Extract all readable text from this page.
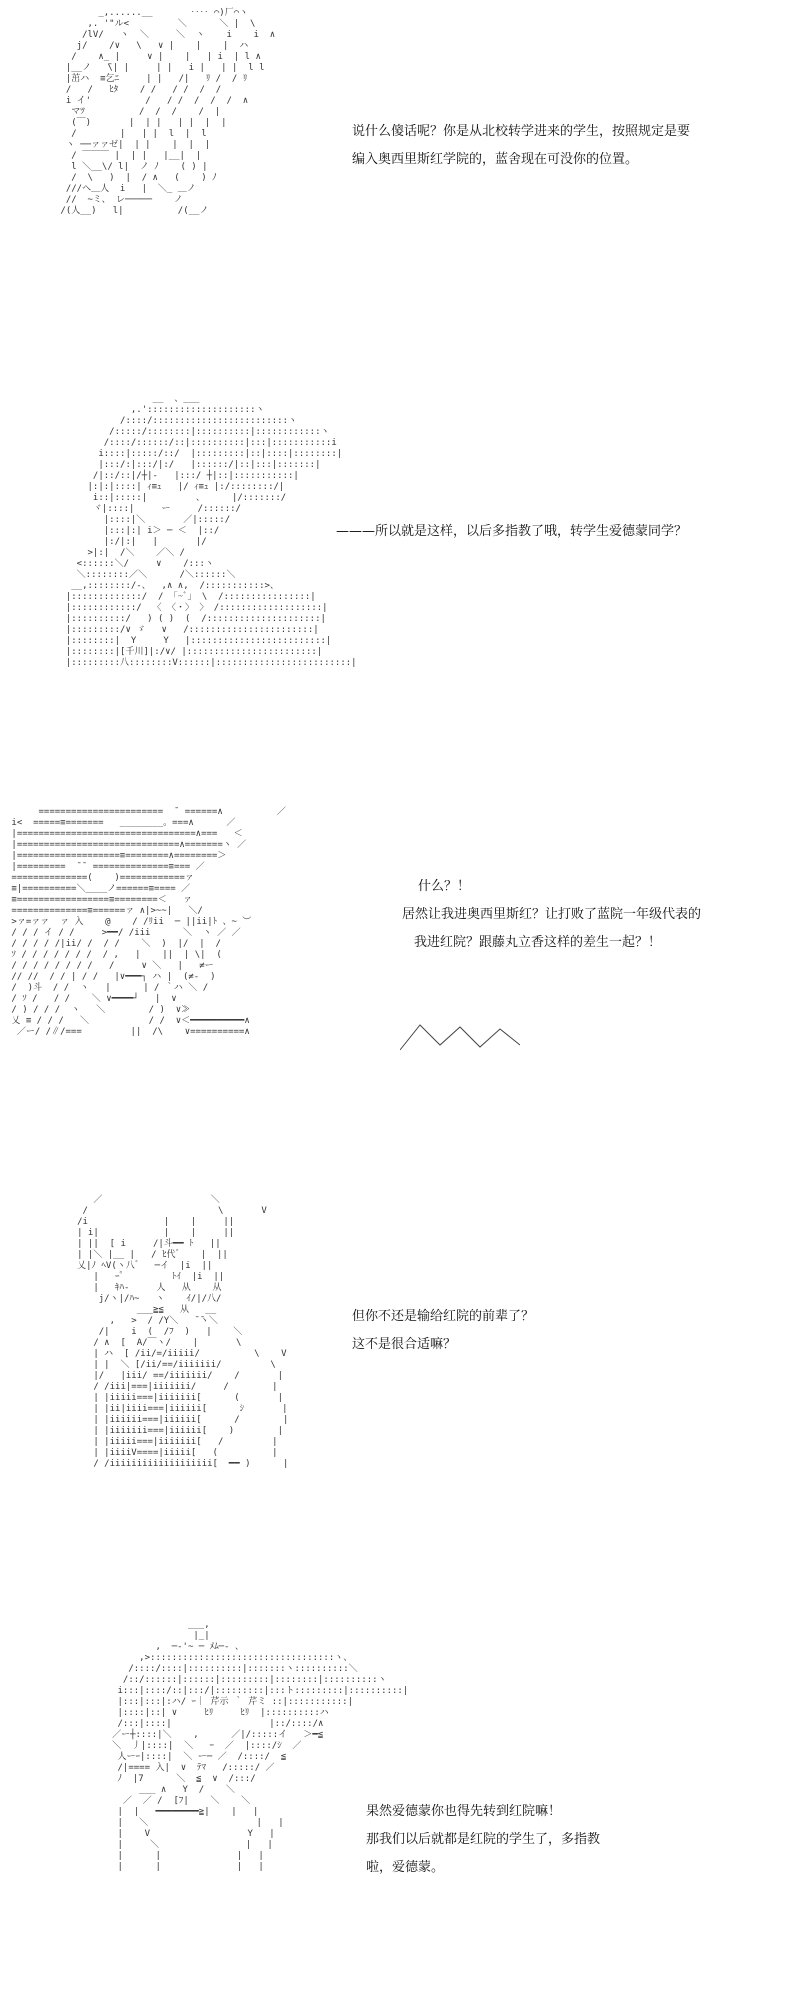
_,......__       ‥‥ ⌒)厂⌒ヽ
,. '"ル<         ＼      ＼ |  \
/lV/   ヽ  ＼     ＼  ヽ    i    i  ∧
j/    /∨   \   ∨ |    |    |  ハ
/    ∧_ |     ∨ |    |   | i  | l ∧
|__ノ   ̄\| |     | |   i |   | |  l l
|茁ハ  ≡乞ﾆ     | |   /|   ﾘ /  / ﾘ
/   /   ﾋﾀ    / /   / /  /  /
i イ'          /   / /  /  /  /  ∧
マﾂ          /  /  /    /  |
(￣)       |  | |   | |  |  |
/        |   | |  l  |  l
ヽ ──ァァゼ|  | |    |  |  |
/ ￣￣￣ |  | |   |__|  |
l ＼__\/ l|  ノ ﾉ    ( ) |
/  \   )  |  / ∧   (    ) ﾉ
///へ＿人  i   |  ＼_ ＿ノ
//  ~ミ、 レ─────    ノ
/(人__)   l|          /(__ノ
说什么傻话呢？你是从北校转学进来的学生，按照规定是要
编入奥西里斯红学院的，蓝舍现在可没你的位置。
__  、___
,.'::::::::::::::::::::ヽ
/::::/:::::::::::::::::::::::::ヽ
/:::::/::::::::|::::::::::|::::::::::::ヽ
/::::/::::::/::|::::::::::|:::|:::::::::::i
i::::|:::::/::/  |:::::::::|::|::::|::::::::|
|:::/:|:::/|:/   |::::::/|::|:::|:::::::|
/|::/::|/┼|‐   |:::/ ┼|::|:::::::::::|
|:|:|::::| ｨ≡ｭ   |/ ｨ≡ｭ |:/::::::::/|
i::|:::::|         、     |/:::::::/
ヾ|::::|     ー     /::::::/
|::::|＼       ／|:::::/
|:::|:| i＞ ─ ＜  |::/
|:/|:|   |       |/
>|:|  /＼    ／＼ /
<::::::＼/     ∨    /:::ヽ
＼::::::::／＼      /＼::::::＼
__,::::::::/-、  ,∧ ∧,  /:::::::::::>、
|:::::::::::::/  / 「~ﾞ」 \  /::::::::::::::::|
|::::::::::::/  〈 〈・〉 〉 /:::::::::::::::::::|
|::::::::::/   ) ( )  (  /:::::::::::::::::::::|
|:::::::::/∨ ゞ   ∨   /:::::::::::::::::::::::|
|::::::::|  Y     Y   |:::::::::::::::::::::::::|
|::::::::|[千川]|:/∨/ |::::::::::::::::::::::::|
|:::::::::八::::::::V::::::|:::::::::::::::::::::::::|
———所以就是这样，以后多指教了哦，转学生爱德蒙同学？
=======================  ̄  ======∧          ／
i<  =====≡=======   ________。===∧      ／
|=================================∧===   ＜
|==============================∧=======ヽ ／
|===================≡========∧========＞
|=========  ̄ ̄  ==============≡=== ／
==============(    )============ァ
≡|==========＼____ノ======≡==== ／
≡=================≡========＜   ァ
==============≡======ァ ∧|>~~|   ＼/
>ァ=ァァ  ァ 入    @    / /ﾘii  ─ ||ii|ﾄ 、~ ︶
/ / / イ / /     >━━/ /iii      ＼  ヽ ／ ／
/ / / / /|ii/ /  / /    ＼  )  |/  |  /
ｿ / / / / / / /  / ,   |    ||  | \|  (
/ / / / / / / /   /     ∨ ＼   |   ≠ー
// //  / / | / /   |∨━━━┐ ハ |  (≠-  )
/  )斗  / /  ヽ   |      | / ｀ハ ＼ /
/ ｿ /   / /    ＼ ∨━━━━┘   |  ∨
/ ) / / /  ヽ   ＼        / )  ∨≫
乂 ≡ / / /   ＼           / /  ∨＜━━━━━━━━━━∧
／ー/ /∥/===         ||  /\    ∨==========∧
什么？！
居然让我进奥西里斯红？让打败了蓝院一年级代表的
我进红院？跟藤丸立香这样的差生一起？！
／                    ＼
/                        \       V
/i              |    |     ||
| i|            |    |     ||
| ||  [ i     /|斗━━ ﾄ   ||
| |＼ |__ |   / ﾋ代゛   |  ||
乂|ﾉ ﾍV(ヽ八゛  ─イ  |i  ||
|   ｰ゜        ﾄｲ  |i  ||
|   ｷﾊ‐     人   从    从
j/ヽ|/ﾊ~   ヽ    ｲ/|/八/
___≧≦   从   __
,   >  / /Y＼   ̄ ̄ヽ＼
/|    i  (  /ﾌ  )   |    ＼
/ ∧  [  A/￣ヽ/    |       \
| ハ  [ /ii/=/iiiii/          \    V
| |  ＼ [/ii/==/iiiiiii/         \
|/   |iii/ ==/iiiiiii/    /       |
/ /iii|===|iiiiiii/     /        |
| |iiiii===|iiiiiii[      (       |
| |ii|iiii===|iiiiii[      ｼ       |
| |iiiiii===|iiiiii[      /        |
| |iiiiiii===|iiiiii[    )        |
| |iiiii===|iiiiiii[   /         |
| |iiiiV====|iiiii[   (          |
/ /iiiiiiiiiiiiiiiiiii[  ━━ )      |
但你不还是输给红院的前辈了？
这不是很合适嘛？
___,
|_|
,  ─‐'~ ─ ﾒﾑ─‐ 、
,>::::::::::::::::::::::::::::::::::ヽ、
/::::/::::|::::::::::|:::::::ヽ::::::::::＼
/::/::::::|::::::|:::::::::|::::::::|::::::::::ヽ
i:::|::::/::|:::/|:::::::::|:::ト:::::::::|::::::::::|
|:::|:::|:ハ/ ｰ｜ 芹示 ｀ 芹ミ ::|:::::::::::|
|::::|::| ∨     ﾋﾘ     ﾋﾘ  |::::::::::ハ
/:::|::::|                  |::/::::/∧
／ー┼::::|＼    ,      ／|/:::::イ   ＞━≦
＼  丿|::::|  ＼   ｰ  ／  |::::/ｼ  ／
人ーｰ|::::|  ＼ ー─ ／  /::::/  ≦
/|==== 入|  ∨  ﾃﾏ   /:::::/ ／
ﾉ  |7      ＼  ≦  ∨  /:::/
___ ∧   Y  /    ＼
／  ／ /  [ﾌ|    ＼    ＼
|  |   ━━━━━━━━≧|    |   |
|   ＼                    |   |
|    V                  Y   |
|     ＼                |   |
|      |              |   |
|      |              |   |
果然爱德蒙你也得先转到红院嘛！
那我们以后就都是红院的学生了，多指教
啦，爱德蒙。
